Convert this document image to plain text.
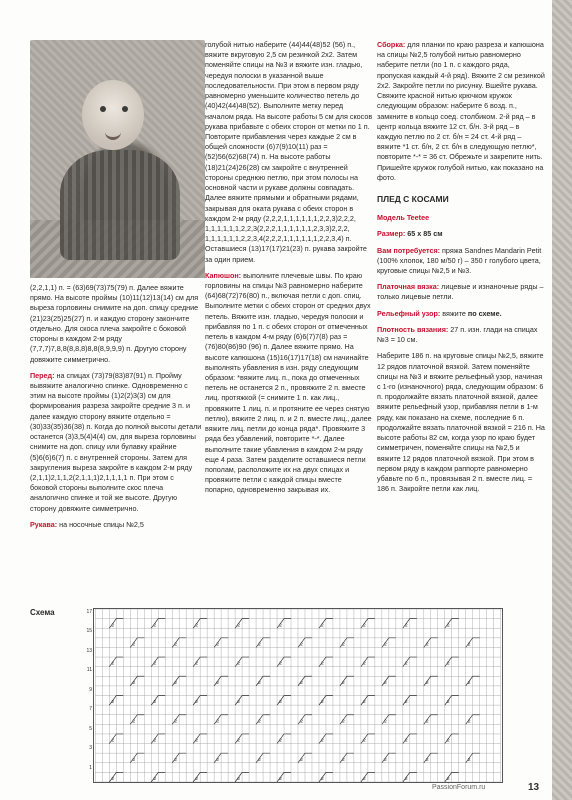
(2,2,1,1) п. = (63)69(73)75(79) п. Далее вяжите прямо. На высоте проймы (10)11(12)13(14) см для выреза горловины снимите на доп. спицу средние (21)23(25)25(27) п. и каждую сторону закончите отдельно. Для скоса плеча закройте с боковой стороны в каждом 2-м ряду (7,7,7)7,8,8(8,8,8)8,8(8,9,9,9) п. Другую сторону довяжите симметрично.

Перед: на спицах (73)79(83)87(91) п. Пройму вывяжите аналогично спинке. Одновременно с этим на высоте проймы (1)2(2)3(3) см для формирования разреза закройте средние 3 п. и далее каждую сторону вяжите отдельно = (30)33(35)36(38) п. Когда до полной высоты детали останется (3)3,5(4)4(4) см, для выреза горловины снимите на доп. спицу или булавку крайние (5)6(6)6(7) п. с внутренней стороны. Затем для закругления выреза закройте в каждом 2-м ряду (2,1,1)2,1,1,2(2,1,1,1)2,1,1,1,1 п. При этом с боковой стороны выполните скос плеча аналогично спинке и той же высоте. Другую сторону довяжите симметрично.

Рукава: на носочные спицы №2,5

голубой нитью наберите (44)44(48)52 (56) п., вяжите вкруговую 2,5 см резинкой 2х2. Затем поменяйте спицы на №3 и вяжите изн. гладью, чередуя полоски в указанной выше последовательности. При этом в первом ряду равномерно уменьшите количество петель до (40)42(44)48(52). Выполните метку перед началом ряда. На высоте работы 5 см для скосов рукава прибавьте с обеих сторон от метки по 1 п. Повторите прибавления через каждые 2 см в общей сложности (6)7(9)10(11) раз = (52)56(62)68(74) п. На высоте работы (18)21(24)26(28) см закройте с внутренней стороны среднюю петлю, при этом полосы на основной части и рукаве должны совпадать. Далее вяжите прямыми и обратными рядами, закрывая для оката рукава с обеих сторон в каждом 2-м ряду (2,2,2,1,1,1,1,1,1,2,2,3)2,2,2, 1,1,1,1,1,1,2,2,3(2,2,2,1,1,1,1,1,1,2,3,3)2,2,2, 1,1,1,1,1,1,2,2,3,4(2,2,2,1,1,1,1,1,1,2,2,3,4) п. Оставшиеся (13)17(17)21(23) п. рукава закройте за один прием.

Капюшон: выполните плечевые швы. По краю горловины на спицы №3 равномерно наберите (64)68(72)76(80) п., включая петли с доп. спиц. Выполните метки с обеих сторон от средних двух петель. Вяжите изн. гладью, чередуя полоски и прибавляя по 1 п. с обеих сторон от отмеченных петель в каждом 4-м ряду (6)6(7)7(8) раз = (76)80(86)90 (96) п. Далее вяжите прямо. На высоте капюшона (15)16(17)17(18) см начинайте выполнять убавления в изн. ряду следующим образом: *вяжите лиц. п., пока до отмеченных петель не останется 2 п., провяжите 2 п. вместе лиц. протяжкой (= снимите 1 п. как лиц., провяжите 1 лиц. п. и протяните ее через снятую петлю), вяжите 2 лиц. п. и 2 п. вместе лиц., далее вяжите лиц. петли до конца ряда*. Провяжите 3 ряда без убавлений, повторите *-*. Далее выполните такие убавления в каждом 2-м ряду еще 4 раза. Затем разделите оставшиеся петли пополам, расположите их на двух спицах и провяжите петли с каждой спицы вместе попарно, одновременно закрывая их.

Сборка: для планки по краю разреза и капюшона на спицы №2,5 голубой нитью равномерно наберите петли (по 1 п. с каждого ряда, пропуская каждый 4-й ряд). Вяжите 2 см резинкой 2х2. Закройте петли по рисунку. Вшейте рукава. Свяжите красной нитью крючком кружок следующим образом: наберите 6 возд. п., замкните в кольцо соед. столбиком. 2-й ряд – в центр кольца вяжите 12 ст. б/н. 3-й ряд – в каждую петлю по 2 ст. б/н = 24 ст. 4-й ряд – вяжите *1 ст. б/н, 2 ст. б/н в следующую петлю*, повторите *-* = 36 ст. Обрежьте и закрепите нить. Пришейте кружок голубой нитью, как показано на фото.

ПЛЕД С КОСАМИ

Модель Teetee

Размер: 65 х 85 см

Вам потребуется: пряжа Sandnes Mandarin Petit (100% хлопок, 180 м/50 г) – 350 г голубого цвета, круговые спицы №2,5 и №3.

Платочная вязка: лицевые и изнаночные ряды – только лицевые петли.

Рельефный узор: вяжите по схеме.

Плотность вязания: 27 п. изн. глади на спицах №3 = 10 см.

Наберите 186 п. на круговые спицы №2,5, вяжите 12 рядов платочной вязкой. Затем поменяйте спицы на №3 и вяжите рельефный узор, начиная с 1-го (изнаночного) ряда, следующим образом: 6 п. продолжайте вязать платочной вязкой, далее вяжите рельефный узор, прибавляя петли в 1-м ряду, как показано на схеме, последние 6 п. продолжайте вязать платочной вязкой = 216 п. На высоте работы 82 см, когда узор по краю будет симметричен, поменяйте спицы на №2,5 и вяжите 12 рядов платочной вязкой. При этом в первом ряду в каждом раппорте равномерно убавьте по 6 п., провязывая 2 п. вместе лиц. = 186 п. Закройте петли как лиц.

Схема	17
15
13
11
9
7
5
3
1
2	2	2	2	2	2	2	2	2
2	2	2	2	2	2	2	2	2
2	2	2	2	2	2	2	2	2
2	2	2	2	2	2	2	2	2
2	2	2	2	2	2	2	2	2
2	2	2	2	2	2	2	2	2
2	2	2	2	2	2	2	2	2
2	2	2	2	2	2	2	2	2
2	2	2	2	2	2	2	2	2
PassionForum.ru	13
